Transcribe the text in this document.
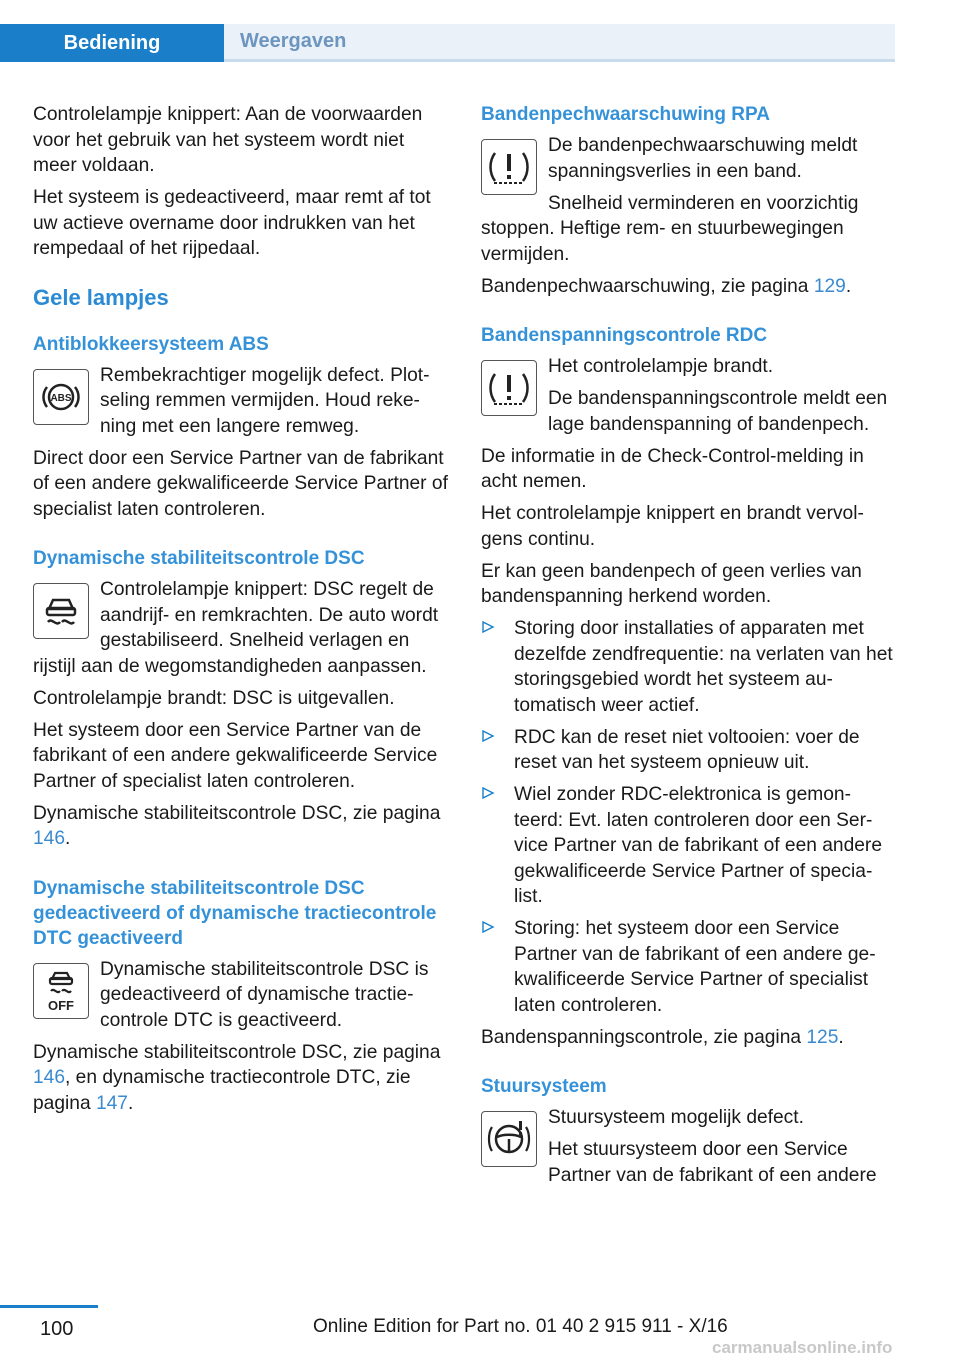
Bediening	Weergaven

Controlelampje knippert: Aan de voorwaarden voor het gebruik van het systeem wordt niet meer voldaan.

Het systeem is gedeactiveerd, maar remt af tot uw actieve overname door indrukken van het rempedaal of het rijpedaal.

Gele lampjes
Antiblokkeersysteem ABS
ABS

Rembekrachtiger mogelijk defect. Plotseling remmen vermijden. Houd rekening met een langere remweg.

Direct door een Service Partner van de fabrikant of een andere gekwalificeerde Service Partner of specialist laten controleren.

Dynamische stabiliteitscontrole DSC

Controlelampje knippert: DSC regelt de aandrijf- en remkrachten. De auto wordt gestabiliseerd. Snelheid verlagen en rijstijl aan de wegomstandigheden aanpassen.

Controlelampje brandt: DSC is uitgevallen.

Het systeem door een Service Partner van de fabrikant of een andere gekwalificeerde Service Partner of specialist laten controleren.

Dynamische stabiliteitscontrole DSC, zie pagina 146.

Dynamische stabiliteitscontrole DSC gedeactiveerd of dynamische tractiecontrole DTC geactiveerd
OFF

Dynamische stabiliteitscontrole DSC is gedeactiveerd of dynamische tractiecontrole DTC is geactiveerd.

Dynamische stabiliteitscontrole DSC, zie pagina 146, en dynamische tractiecontrole DTC, zie pagina 147.

Bandenpechwaarschuwing RPA

De bandenpechwaarschuwing meldt spanningsverlies in een band.

Snelheid verminderen en voorzichtig stoppen. Heftige rem- en stuurbewegingen vermijden.

Bandenpechwaarschuwing, zie pagina 129.

Bandenspanningscontrole RDC

Het controlelampje brandt.

De bandenspanningscontrole meldt een lage bandenspanning of bandenpech.

De informatie in de Check-Control-melding in acht nemen.

Het controlelampje knippert en brandt vervolgens continu.

Er kan geen bandenpech of geen verlies van bandenspanning herkend worden.

Storing door installaties of apparaten met dezelfde zendfrequentie: na verlaten van het storingsgebied wordt het systeem automatisch weer actief.
RDC kan de reset niet voltooien: voer de reset van het systeem opnieuw uit.
Wiel zonder RDC-elektronica is gemonteerd: Evt. laten controleren door een Service Partner van de fabrikant of een andere gekwalificeerde Service Partner of specialist.
Storing: het systeem door een Service Partner van de fabrikant of een andere gekwalificeerde Service Partner of specialist laten controleren.

Bandenspanningscontrole, zie pagina 125.

Stuursysteem

Stuursysteem mogelijk defect.

Het stuursysteem door een Service Partner van de fabrikant of een andere

100	Online Edition for Part no. 01 40 2 915 911 - X/16
carmanualsonline.info
